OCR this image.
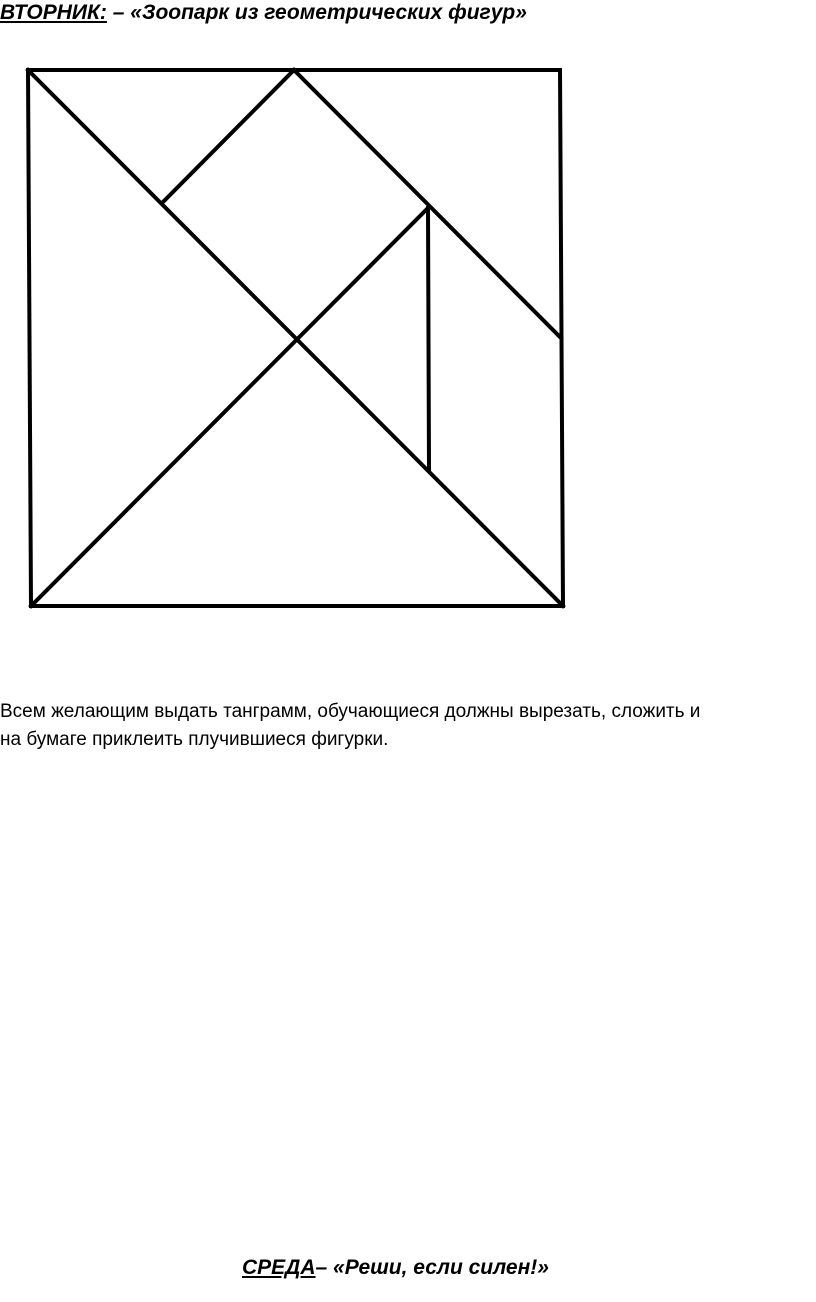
ВТОРНИК: – «Зоопарк из геометрических фигур»

Всем желающим выдать танграмм, обучающиеся должны вырезать, сложить и
на бумаге приклеить плучившиеся фигурки.

СРЕДА– «Реши, если силен!»
